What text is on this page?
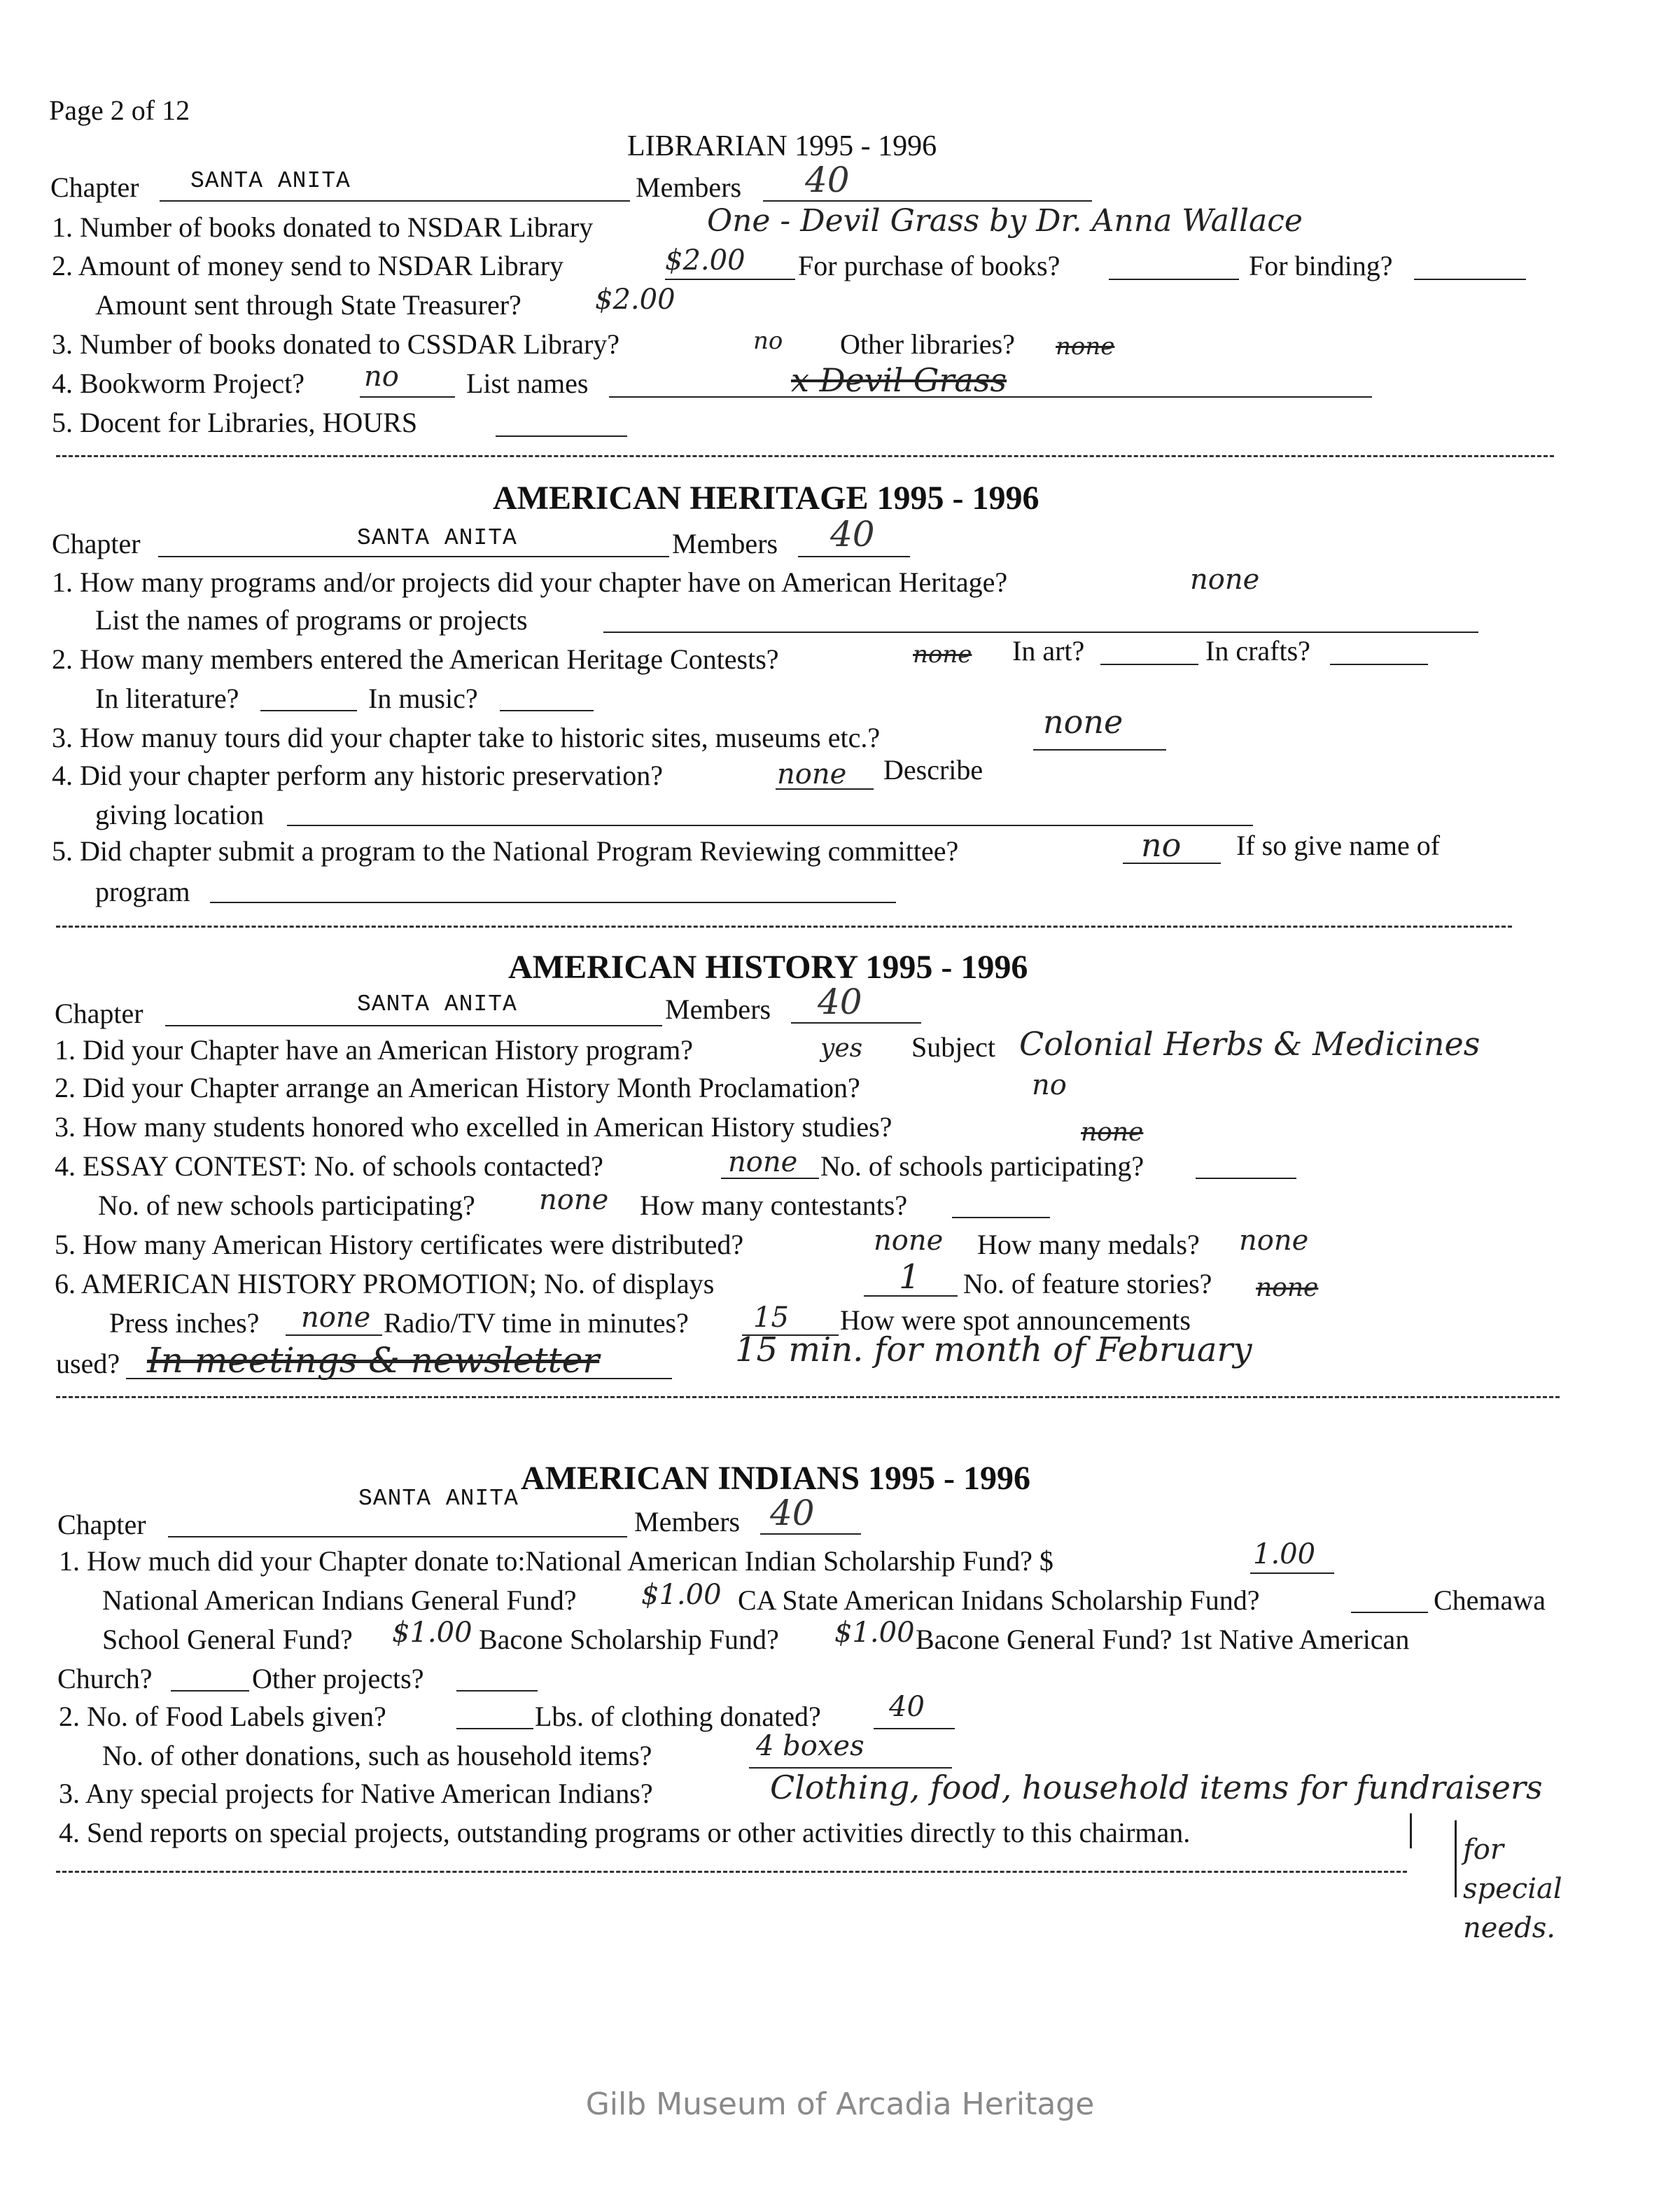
Page 2 of 12
LIBRARIAN 1995 - 1996
Chapter SANTA ANITA	Members 40
1. Number of books donated to NSDAR Library	One - Devil Grass by Dr. Anna Wallace
2. Amount of money send to NSDAR Library	$2.00 For purchase of books?	For binding?
Amount sent through State Treasurer?	$2.00
3. Number of books donated to CSSDAR Library?	no Other libraries? none
4. Bookworm Project? no List names	x Devil Grass
5. Docent for Libraries, HOURS
AMERICAN HERITAGE 1995 - 1996
Chapter	SANTA ANITA	Members 40
1. How many programs and/or projects did your chapter have on American Heritage?	none
List the names of programs or projects
2. How many members entered the American Heritage Contests?	none In art?	In crafts?
In literature?	In music?
3. How manuy tours did your chapter take to historic sites, museums etc.?	none
4. Did your chapter perform any historic preservation?	none Describe
giving location
5. Did chapter submit a program to the National Program Reviewing committee?	no If so give name of
program
AMERICAN HISTORY 1995 - 1996
Chapter	SANTA ANITA	Members 40
1. Did your Chapter have an American History program?	yes Subject Colonial Herbs & Medicines
2. Did your Chapter arrange an American History Month Proclamation?	no
3. How many students honored who excelled in American History studies?	none
4. ESSAY CONTEST: No. of schools contacted?	none No. of schools participating?
No. of new schools participating? none How many contestants?
5. How many American History certificates were distributed?	none How many medals? none
6. AMERICAN HISTORY PROMOTION; No. of displays	1 No. of feature stories? none
Press inches? none Radio/TV time in minutes? 15 How were spot announcements
used? In meetings & newsletter	15 min. for month of February
AMERICAN INDIANS 1995 - 1996
SANTA ANITA
Chapter	Members 40
1. How much did your Chapter donate to:National American Indian Scholarship Fund? $	1.00
National American Indians General Fund? $1.00 CA State American Inidans Scholarship Fund?	Chemawa
School General Fund? $1.00 Bacone Scholarship Fund? $1.00 Bacone General Fund? 1st Native American
Church?	Other projects?
2. No. of Food Labels given?	Lbs. of clothing donated? 40
No. of other donations, such as household items?	4 boxes
3. Any special projects for Native American Indians?	Clothing, food, household items for fundraisers
4. Send reports on special projects, outstanding programs or other activities directly to this chairman.
for special needs.
Gilb Museum of Arcadia Heritage
